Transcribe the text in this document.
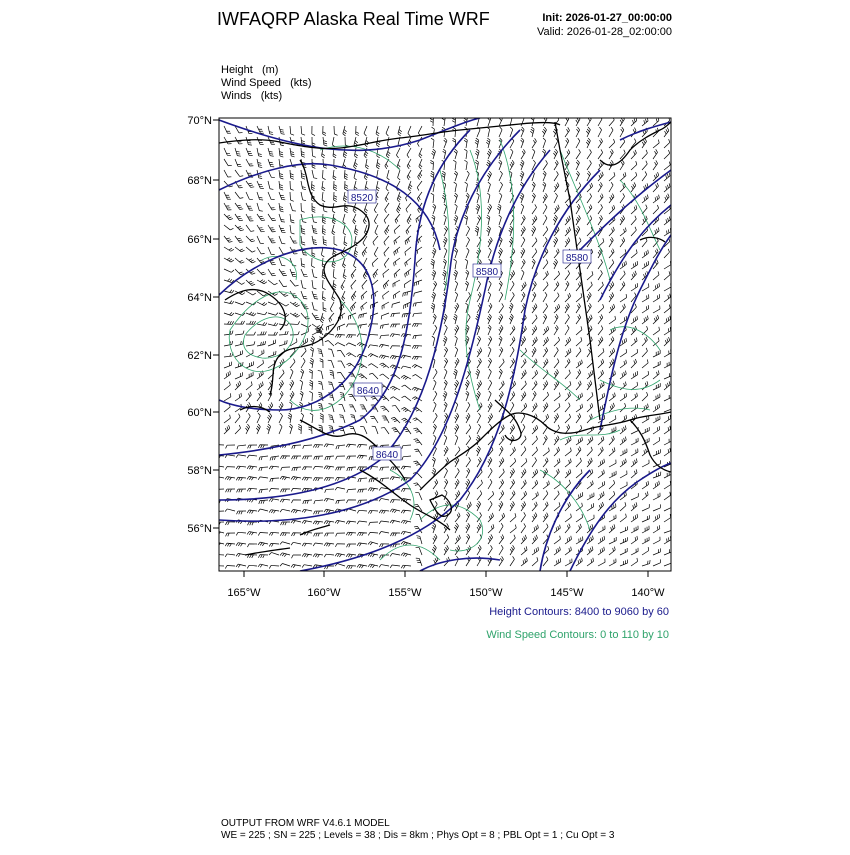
IWFAQRP Alaska Real Time WRF	Init: 2026-01-27_00:00:00
Valid: 2026-01-28_02:00:00
Height (m)
Wind Speed (kts)
Winds (kts)
8520
8640
8580
8580
8640
70°N
68°N
66°N
64°N
62°N
60°N
58°N
56°N
165°W	160°W	155°W	150°W	145°W	140°W
Height Contours: 8400 to 9060 by 60
Wind Speed Contours: 0 to 110 by 10
OUTPUT FROM WRF V4.6.1 MODEL
WE = 225 ; SN = 225 ; Levels = 38 ; Dis = 8km ; Phys Opt = 8 ; PBL Opt = 1 ; Cu Opt = 3
